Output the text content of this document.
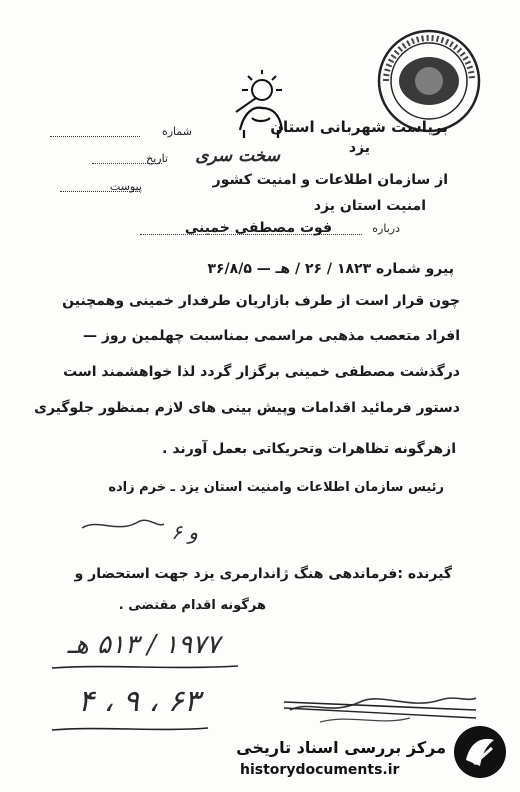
بریاست شهربانی استان
یزد
سخت سری
از سازمان اطلاعات و امنیت کشور
امنیت استان یزد
شماره
تاریخ
پیوست
درباره
فوت مصطفی خمینی
پیرو شماره ۱۸۲۳ / ۲۶ / هـ — ۳۶/۸/۵
چون قرار است از طرف بازاریان طرفدار خمینی وهمچنین
افراد متعصب مذهبی مراسمی بمناسبت چهلمین روز —
درگذشت مصطفی خمینی برگزار گردد لذا خواهشمند است
دستور فرمائید اقدامات وپیش بینی های لازم بمنظور جلوگیری
ازهرگونه تظاهرات وتحریکاتی بعمل آورند .
رئیس سازمان اطلاعات وامنیت استان یزد ـ خرم زاده
و ۶
گیرنده :فرماندهی هنگ ژاندارمری یزد جهت استحضار و
هرگونه اقدام مقتضی .
۱۹۷۷ / ۵۱۳ هـ
۴ ، ۹ ، ۶۳
مرکز بررسی اسناد تاریخی
historydocuments.ir
